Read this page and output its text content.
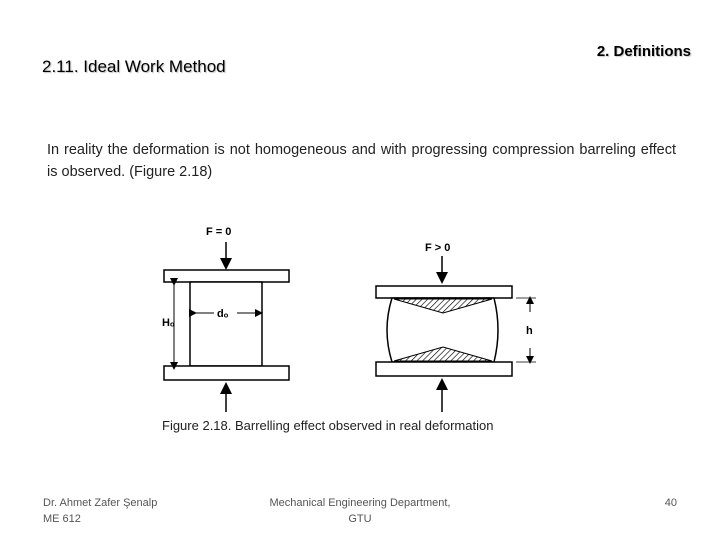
2.11. Ideal Work Method
2. Definitions
In reality the deformation is not homogeneous and with progressing compression barreling effect is observed. (Figure 2.18)
F = 0
Hₒ
dₒ
F > 0
h
Figure 2.18. Barrelling effect observed in real deformation
Dr. Ahmet Zafer Şenalp
ME 612
Mechanical Engineering Department,
GTU
40
